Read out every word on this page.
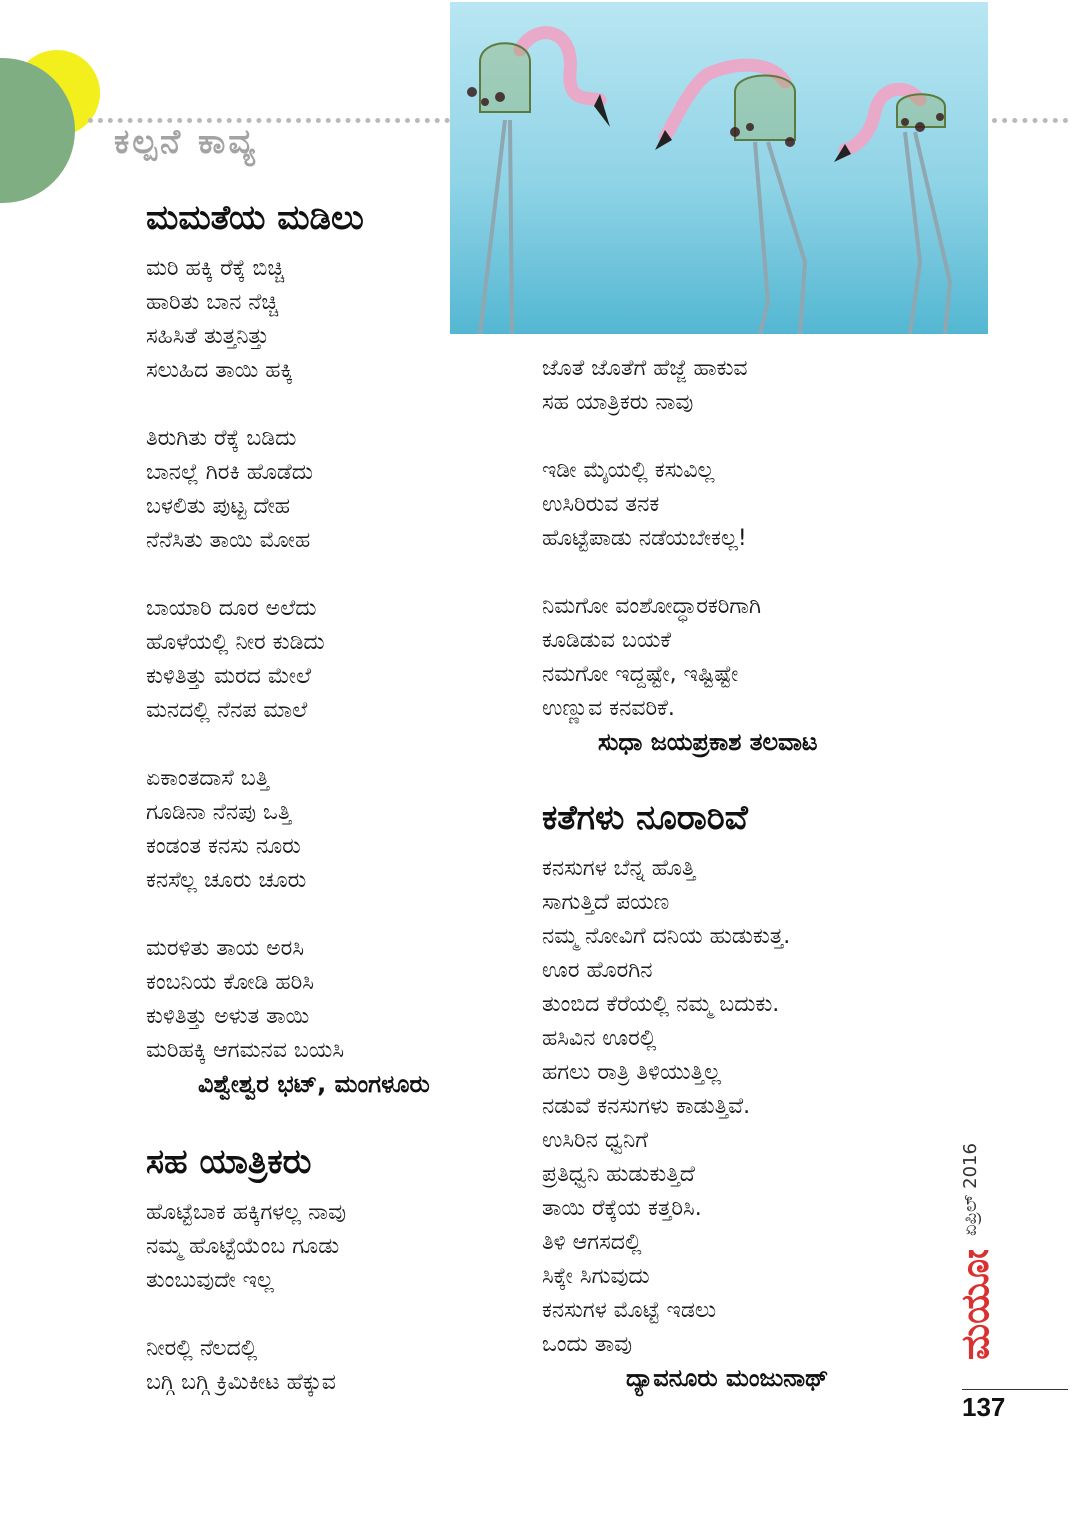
ಕಲ್ಪನೆ ಕಾವ್ಯ
ಮಮತೆಯ ಮಡಿಲು
ಮರಿ ಹಕ್ಕಿ ರೆಕ್ಕೆ ಬಿಚ್ಚಿ
ಹಾರಿತು ಬಾನ ನೆಚ್ಚಿ
ಸಹಿಸಿತೆ ತುತ್ತನಿತ್ತು
ಸಲುಹಿದ ತಾಯಿ ಹಕ್ಕಿ
ತಿರುಗಿತು ರೆಕ್ಕೆ ಬಡಿದು
ಬಾನಲ್ಲೆ ಗಿರಕಿ ಹೊಡೆದು
ಬಳಲಿತು ಪುಟ್ಟ ದೇಹ
ನೆನೆಸಿತು ತಾಯಿ ಮೋಹ
ಬಾಯಾರಿ ದೂರ ಅಲೆದು
ಹೊಳೆಯಲ್ಲಿ ನೀರ ಕುಡಿದು
ಕುಳಿತಿತ್ತು ಮರದ ಮೇಲೆ
ಮನದಲ್ಲಿ ನೆನಪ ಮಾಲೆ
ಏಕಾಂತದಾಸೆ ಬತ್ತಿ
ಗೂಡಿನಾ ನೆನಪು ಒತ್ತಿ
ಕಂಡಂತ ಕನಸು ನೂರು
ಕನಸೆಲ್ಲ ಚೂರು ಚೂರು
ಮರಳಿತು ತಾಯ ಅರಸಿ
ಕಂಬನಿಯ ಕೋಡಿ ಹರಿಸಿ
ಕುಳಿತಿತ್ತು ಅಳುತ ತಾಯಿ
ಮರಿಹಕ್ಕಿ ಆಗಮನವ ಬಯಸಿ
ವಿಶ್ವೇಶ್ವರ ಭಟ್, ಮಂಗಳೂರು
ಸಹ ಯಾತ್ರಿಕರು
ಹೊಟ್ಟೆಬಾಕ ಹಕ್ಕಿಗಳಲ್ಲ ನಾವು
ನಮ್ಮ ಹೊಟ್ಟೆಯೆಂಬ ಗೂಡು
ತುಂಬುವುದೇ ಇಲ್ಲ
ನೀರಲ್ಲಿ ನೆಲದಲ್ಲಿ
ಬಗ್ಗಿ ಬಗ್ಗಿ ಕ್ರಿಮಿಕೀಟ ಹೆಕ್ಕುವ
ಜೊತೆ ಜೊತೆಗೆ ಹೆಜ್ಜೆ ಹಾಕುವ
ಸಹ ಯಾತ್ರಿಕರು ನಾವು
ಇಡೀ ಮೈಯಲ್ಲಿ ಕಸುವಿಲ್ಲ
ಉಸಿರಿರುವ ತನಕ
ಹೊಟ್ಟೆಪಾಡು ನಡೆಯಬೇಕಲ್ಲ!
ನಿಮಗೋ ವಂಶೋದ್ಧಾರಕರಿಗಾಗಿ
ಕೂಡಿಡುವ ಬಯಕೆ
ನಮಗೋ ಇದ್ದಷ್ಟೇ, ಇಷ್ಟಿಷ್ಟೇ
ಉಣ್ಣುವ ಕನವರಿಕೆ.
ಸುಧಾ ಜಯಪ್ರಕಾಶ ತಲವಾಟ
ಕತೆಗಳು ನೂರಾರಿವೆ
ಕನಸುಗಳ ಬೆನ್ನ ಹೊತ್ತಿ
ಸಾಗುತ್ತಿದೆ ಪಯಣ
ನಮ್ಮ ನೋವಿಗೆ ದನಿಯ ಹುಡುಕುತ್ತ.
ಊರ ಹೊರಗಿನ
ತುಂಬಿದ ಕೆರೆಯಲ್ಲಿ ನಮ್ಮ ಬದುಕು.
ಹಸಿವಿನ ಊರಲ್ಲಿ
ಹಗಲು ರಾತ್ರಿ ತಿಳಿಯುತ್ತಿಲ್ಲ
ನಡುವೆ ಕನಸುಗಳು ಕಾಡುತ್ತಿವೆ.
ಉಸಿರಿನ ಧ್ವನಿಗೆ
ಪ್ರತಿಧ್ವನಿ ಹುಡುಕುತ್ತಿದೆ
ತಾಯಿ ರೆಕ್ಕೆಯ ಕತ್ತರಿಸಿ.
ತಿಳಿ ಆಗಸದಲ್ಲಿ
ಸಿಕ್ಕೇ ಸಿಗುವುದು
ಕನಸುಗಳ ಮೊಟ್ಟೆ ಇಡಲು
ಒಂದು ತಾವು
ದ್ಯಾವನೂರು ಮಂಜುನಾಥ್
ಏಪ್ರಿಲ್ 2016
ಮಯೂರ
137
